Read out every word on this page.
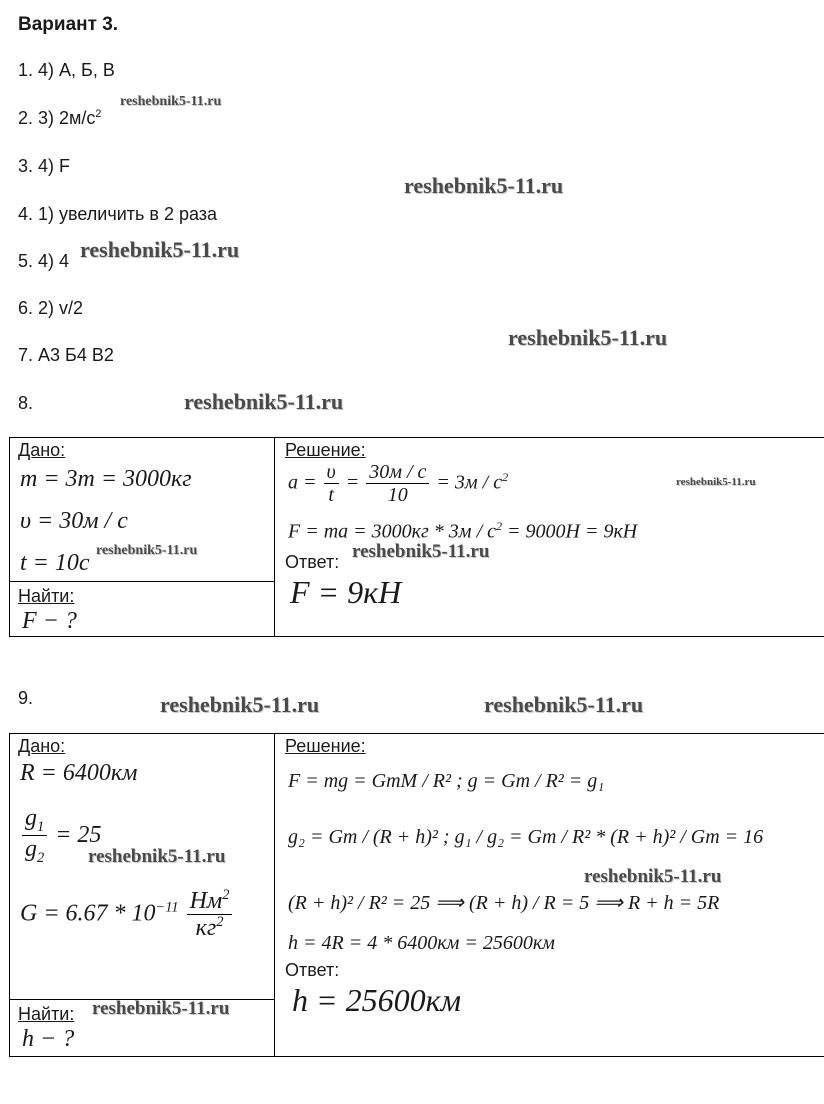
Вариант 3.
1. 4) А, Б, В
2. 3) $2м/с^2$
3. 4) F
4. 1) увеличить в 2 раза
5. 4) 4
6. 2) v/2
7. А3 Б4 В2
8.
reshebnik5-11.ru
reshebnik5-11.ru
reshebnik5-11.ru
reshebnik5-11.ru
reshebnik5-11.ru
Дано:
m = 3т = 3000кг
υ = 30м / с
t = 10с
Найти:
F − ?
Решение:
$a = \frac{\upsilon}{t} = \frac{30м / с}{10} = 3м / с^2$
F = ma = $3000кг * 3м / с^2 = 9000Н = 9кН$
Ответ:
F = 9кН
reshebnik5-11.ru
reshebnik5-11.ru	reshebnik5-11.ru
9.	reshebnik5-11.ru	reshebnik5-11.ru
Дано:
R = 6400км
$\frac{g_1}{g_2} = 25$
$G = 6.67 * 10^{-11} \frac{Нм^2}{кг^2}$
Найти:
h − ?
Решение:
F = mg = GmM / R² ; g = Gm / R² = g₁
g₂ = Gm / (R + h)² ; g₁ / g₂ = Gm / R² * (R + h)² / Gm = 16
(R + h)² / R² = 25 ⟹ (R + h) / R = 5 ⟹ R + h = 5R
h = 4R = 4 * 6400км = 25600км
Ответ:
h = 25600км
reshebnik5-11.ru
reshebnik5-11.ru
reshebnik5-11.ru
